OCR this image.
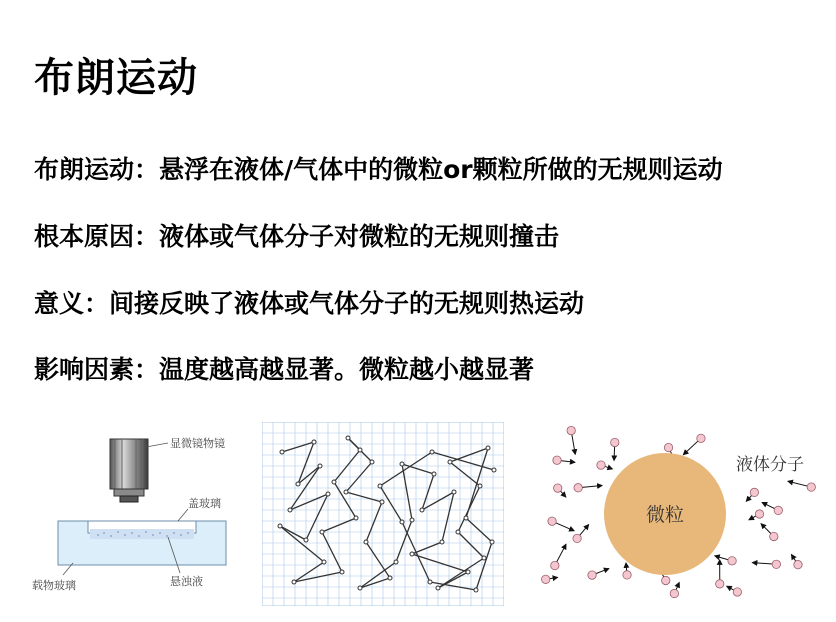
布朗运动
布朗运动：悬浮在液体/气体中的微粒or颗粒所做的无规则运动
根本原因：液体或气体分子对微粒的无规则撞击
意义：间接反映了液体或气体分子的无规则热运动
影响因素：温度越高越显著。微粒越小越显著
显微镜物镜
盖玻璃
载物玻璃	悬浊液
微粒
液体分子
